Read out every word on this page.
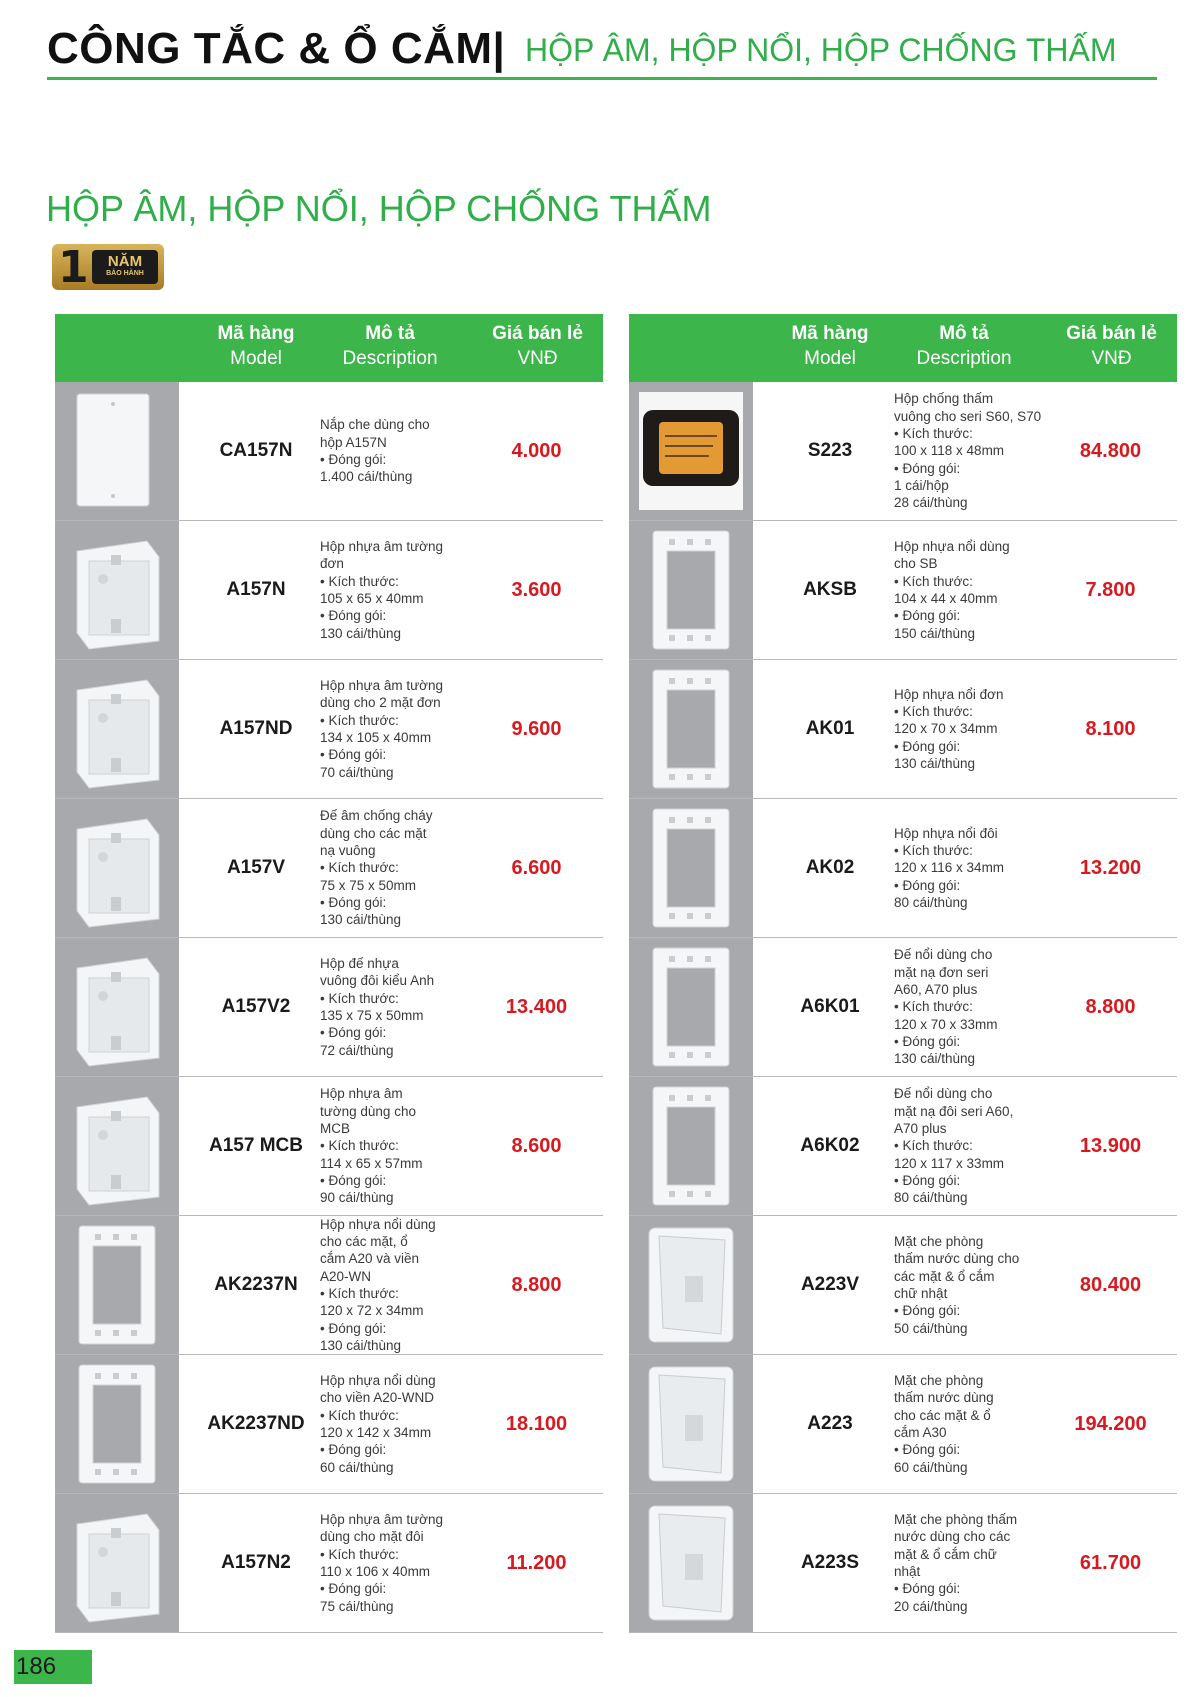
CÔNG TẮC & Ổ CẮM| HỘP ÂM, HỘP NỔI, HỘP CHỐNG THẤM
HỘP ÂM, HỘP NỔI, HỘP CHỐNG THẤM
1	NĂM
BẢO HÀNH
Mã hàng
Model
Mô tả
Description
Giá bán lẻ
VNĐ
CA157N
Nắp che dùng cho
hộp A157N
• Đóng gói:
1.400 cái/thùng
4.000
A157N
Hộp nhựa âm tường
đơn
• Kích thước:
105 x 65 x 40mm
• Đóng gói:
130 cái/thùng
3.600
A157ND
Hộp nhựa âm tường
dùng cho 2 mặt đơn
• Kích thước:
134 x 105 x 40mm
• Đóng gói:
70 cái/thùng
9.600
A157V
Đế âm chống cháy
dùng cho các mặt
nạ vuông
• Kích thước:
75 x 75 x 50mm
• Đóng gói:
130 cái/thùng
6.600
A157V2
Hộp đế nhựa
vuông đôi kiểu Anh
• Kích thước:
135 x 75 x 50mm
• Đóng gói:
72 cái/thùng
13.400
A157 MCB
Hộp nhựa âm
tường dùng cho
MCB
• Kích thước:
114 x 65 x 57mm
• Đóng gói:
90 cái/thùng
8.600
AK2237N
Hộp nhựa nổi dùng
cho các mặt, ổ
cắm A20 và viền
A20-WN
• Kích thước:
120 x 72 x 34mm
• Đóng gói:
130 cái/thùng
8.800
AK2237ND
Hộp nhựa nổi dùng
cho viền A20-WND
• Kích thước:
120 x 142 x 34mm
• Đóng gói:
60 cái/thùng
18.100
A157N2
Hộp nhựa âm tường
dùng cho mặt đôi
• Kích thước:
110 x 106 x 40mm
• Đóng gói:
75 cái/thùng
11.200
Mã hàng
Model
Mô tả
Description
Giá bán lẻ
VNĐ
S223
Hộp chống thấm
vuông cho seri S60, S70
• Kích thước:
100 x 118 x 48mm
• Đóng gói:
1 cái/hộp
28 cái/thùng
84.800
AKSB
Hộp nhựa nổi dùng
cho SB
• Kích thước:
104 x 44 x 40mm
• Đóng gói:
150 cái/thùng
7.800
AK01
Hộp nhựa nổi đơn
• Kích thước:
120 x 70 x 34mm
• Đóng gói:
130 cái/thùng
8.100
AK02
Hộp nhựa nổi đôi
• Kích thước:
120 x 116 x 34mm
• Đóng gói:
80 cái/thùng
13.200
A6K01
Đế nổi dùng cho
mặt nạ đơn seri
A60, A70 plus
• Kích thước:
120 x 70 x 33mm
• Đóng gói:
130 cái/thùng
8.800
A6K02
Đế nổi dùng cho
mặt nạ đôi seri A60,
A70 plus
• Kích thước:
120 x 117 x 33mm
• Đóng gói:
80 cái/thùng
13.900
A223V
Mặt che phòng
thấm nước dùng cho
các mặt & ổ cắm
chữ nhật
• Đóng gói:
50 cái/thùng
80.400
A223
Mặt che phòng
thấm nước dùng
cho các mặt & ổ
cắm A30
• Đóng gói:
60 cái/thùng
194.200
A223S
Mặt che phòng thấm
nước dùng cho các
mặt & ổ cắm chữ
nhật
• Đóng gói:
20 cái/thùng
61.700
186
